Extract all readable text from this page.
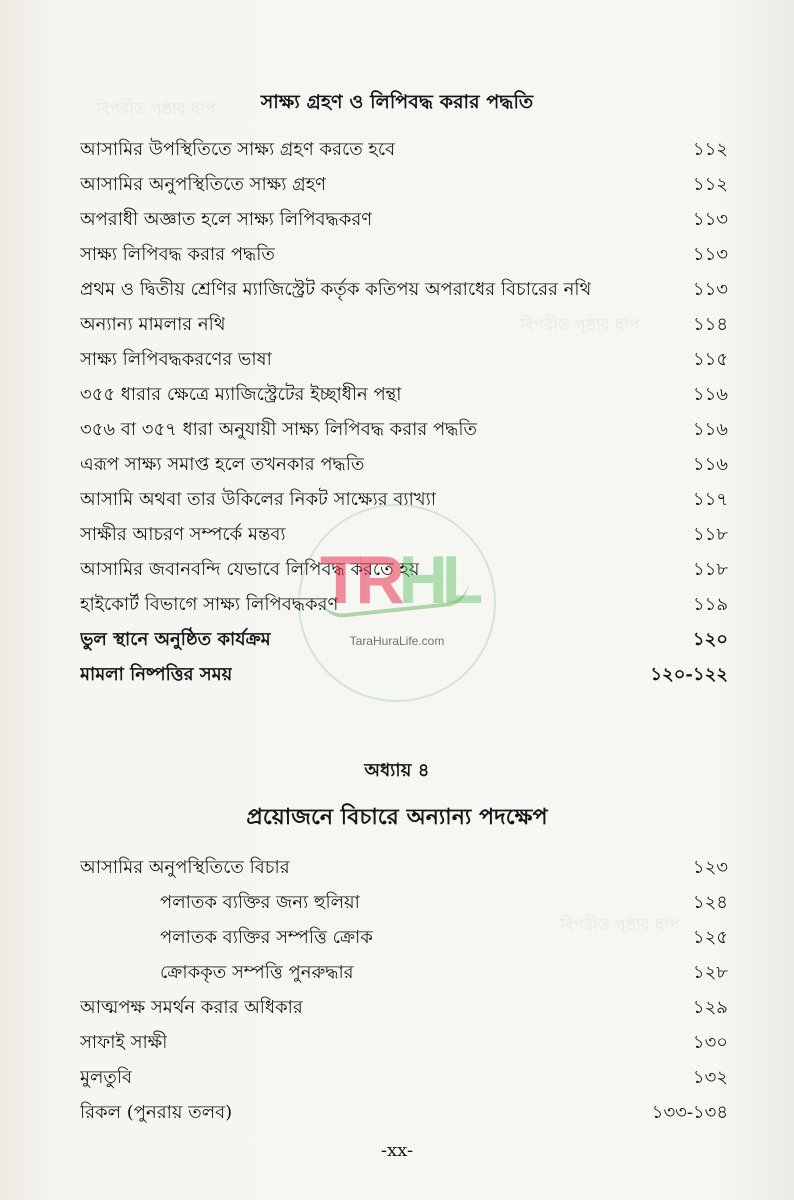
বিপরীত পৃষ্ঠার ছাপ
বিপরীত পৃষ্ঠার ছাপ
বিপরীত পৃষ্ঠার ছাপ
সাক্ষ্য গ্রহণ ও লিপিবদ্ধ করার পদ্ধতি
আসামির উপস্থিতিতে সাক্ষ্য গ্রহণ করতে হবে	১১২
আসামির অনুপস্থিতিতে সাক্ষ্য গ্রহণ	১১২
অপরাধী অজ্ঞাত হলে সাক্ষ্য লিপিবদ্ধকরণ	১১৩
সাক্ষ্য লিপিবদ্ধ করার পদ্ধতি	১১৩
প্রথম ও দ্বিতীয় শ্রেণির ম্যাজিস্ট্রেট কর্তৃক কতিপয় অপরাধের বিচারের নথি	১১৩
অন্যান্য মামলার নথি	১১৪
সাক্ষ্য লিপিবদ্ধকরণের ভাষা	১১৫
৩৫৫ ধারার ক্ষেত্রে ম্যাজিস্ট্রেটের ইচ্ছাধীন পন্থা	১১৬
৩৫৬ বা ৩৫৭ ধারা অনুযায়ী সাক্ষ্য লিপিবদ্ধ করার পদ্ধতি	১১৬
এরূপ সাক্ষ্য সমাপ্ত হলে তখনকার পদ্ধতি	১১৬
আসামি অথবা তার উকিলের নিকট সাক্ষ্যের ব্যাখ্যা	১১৭
সাক্ষীর আচরণ সম্পর্কে মন্তব্য	১১৮
আসামির জবানবন্দি যেভাবে লিপিবদ্ধ করতে হয়	১১৮
হাইকোর্ট বিভাগে সাক্ষ্য লিপিবদ্ধকরণ	১১৯
ভুল স্থানে অনুষ্ঠিত কার্যক্রম	১২০
মামলা নিষ্পত্তির সময়	১২০-১২২
অধ্যায় ৪
প্রয়োজনে বিচারে অন্যান্য পদক্ষেপ
আসামির অনুপস্থিতিতে বিচার	১২৩
পলাতক ব্যক্তির জন্য হুলিয়া	১২৪
পলাতক ব্যক্তির সম্পত্তি ক্রোক	১২৫
ক্রোককৃত সম্পত্তি পুনরুদ্ধার	১২৮
আত্মপক্ষ সমর্থন করার অধিকার	১২৯
সাফাই সাক্ষী	১৩০
মুলতুবি	১৩২
রিকল (পুনরায় তলব)	১৩৩-১৩৪
-xx-
TRHL
TaraHuraLife.com
